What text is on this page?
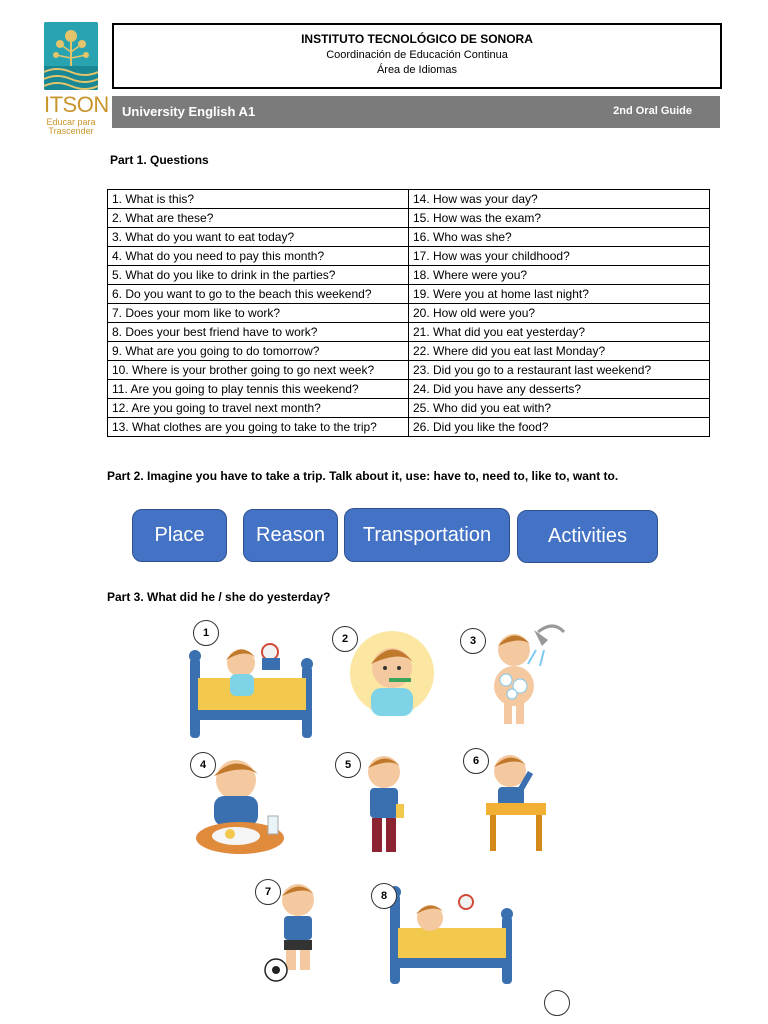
ITSON
Educar para
Trascender
INSTITUTO TECNOLÓGICO DE SONORA
Coordinación de Educación Continua
Área de Idiomas
University English A1	2nd Oral Guide
Part 1. Questions
1. What is this?	14. How was your day?
2. What are these?	15. How was the exam?
3. What do you want to eat today?	16. Who was she?
4. What do you need to pay this month?	17. How was your childhood?
5. What do you like to drink in the parties?	18. Where were you?
6. Do you want to go to the beach this weekend?	19. Were you at home last night?
7. Does your mom like to work?	20. How old were you?
8. Does your best friend have to work?	21. What did you eat yesterday?
9. What are you going to do tomorrow?	22. Where did you eat last Monday?
10. Where is your brother going to go next week?	23. Did you go to a restaurant last weekend?
11. Are you going to play tennis this weekend?	24. Did you have any desserts?
12. Are you going to travel next month?	25. Who did you eat with?
13. What clothes are you going to take to the trip?	26. Did you like the food?
Part 2. Imagine you have to take a trip. Talk about it, use: have to, need to, like to, want to.
Place	Reason	Transportation	Activities
Part 3. What did he / she do yesterday?
1	2	3
4	5	6
7	8
